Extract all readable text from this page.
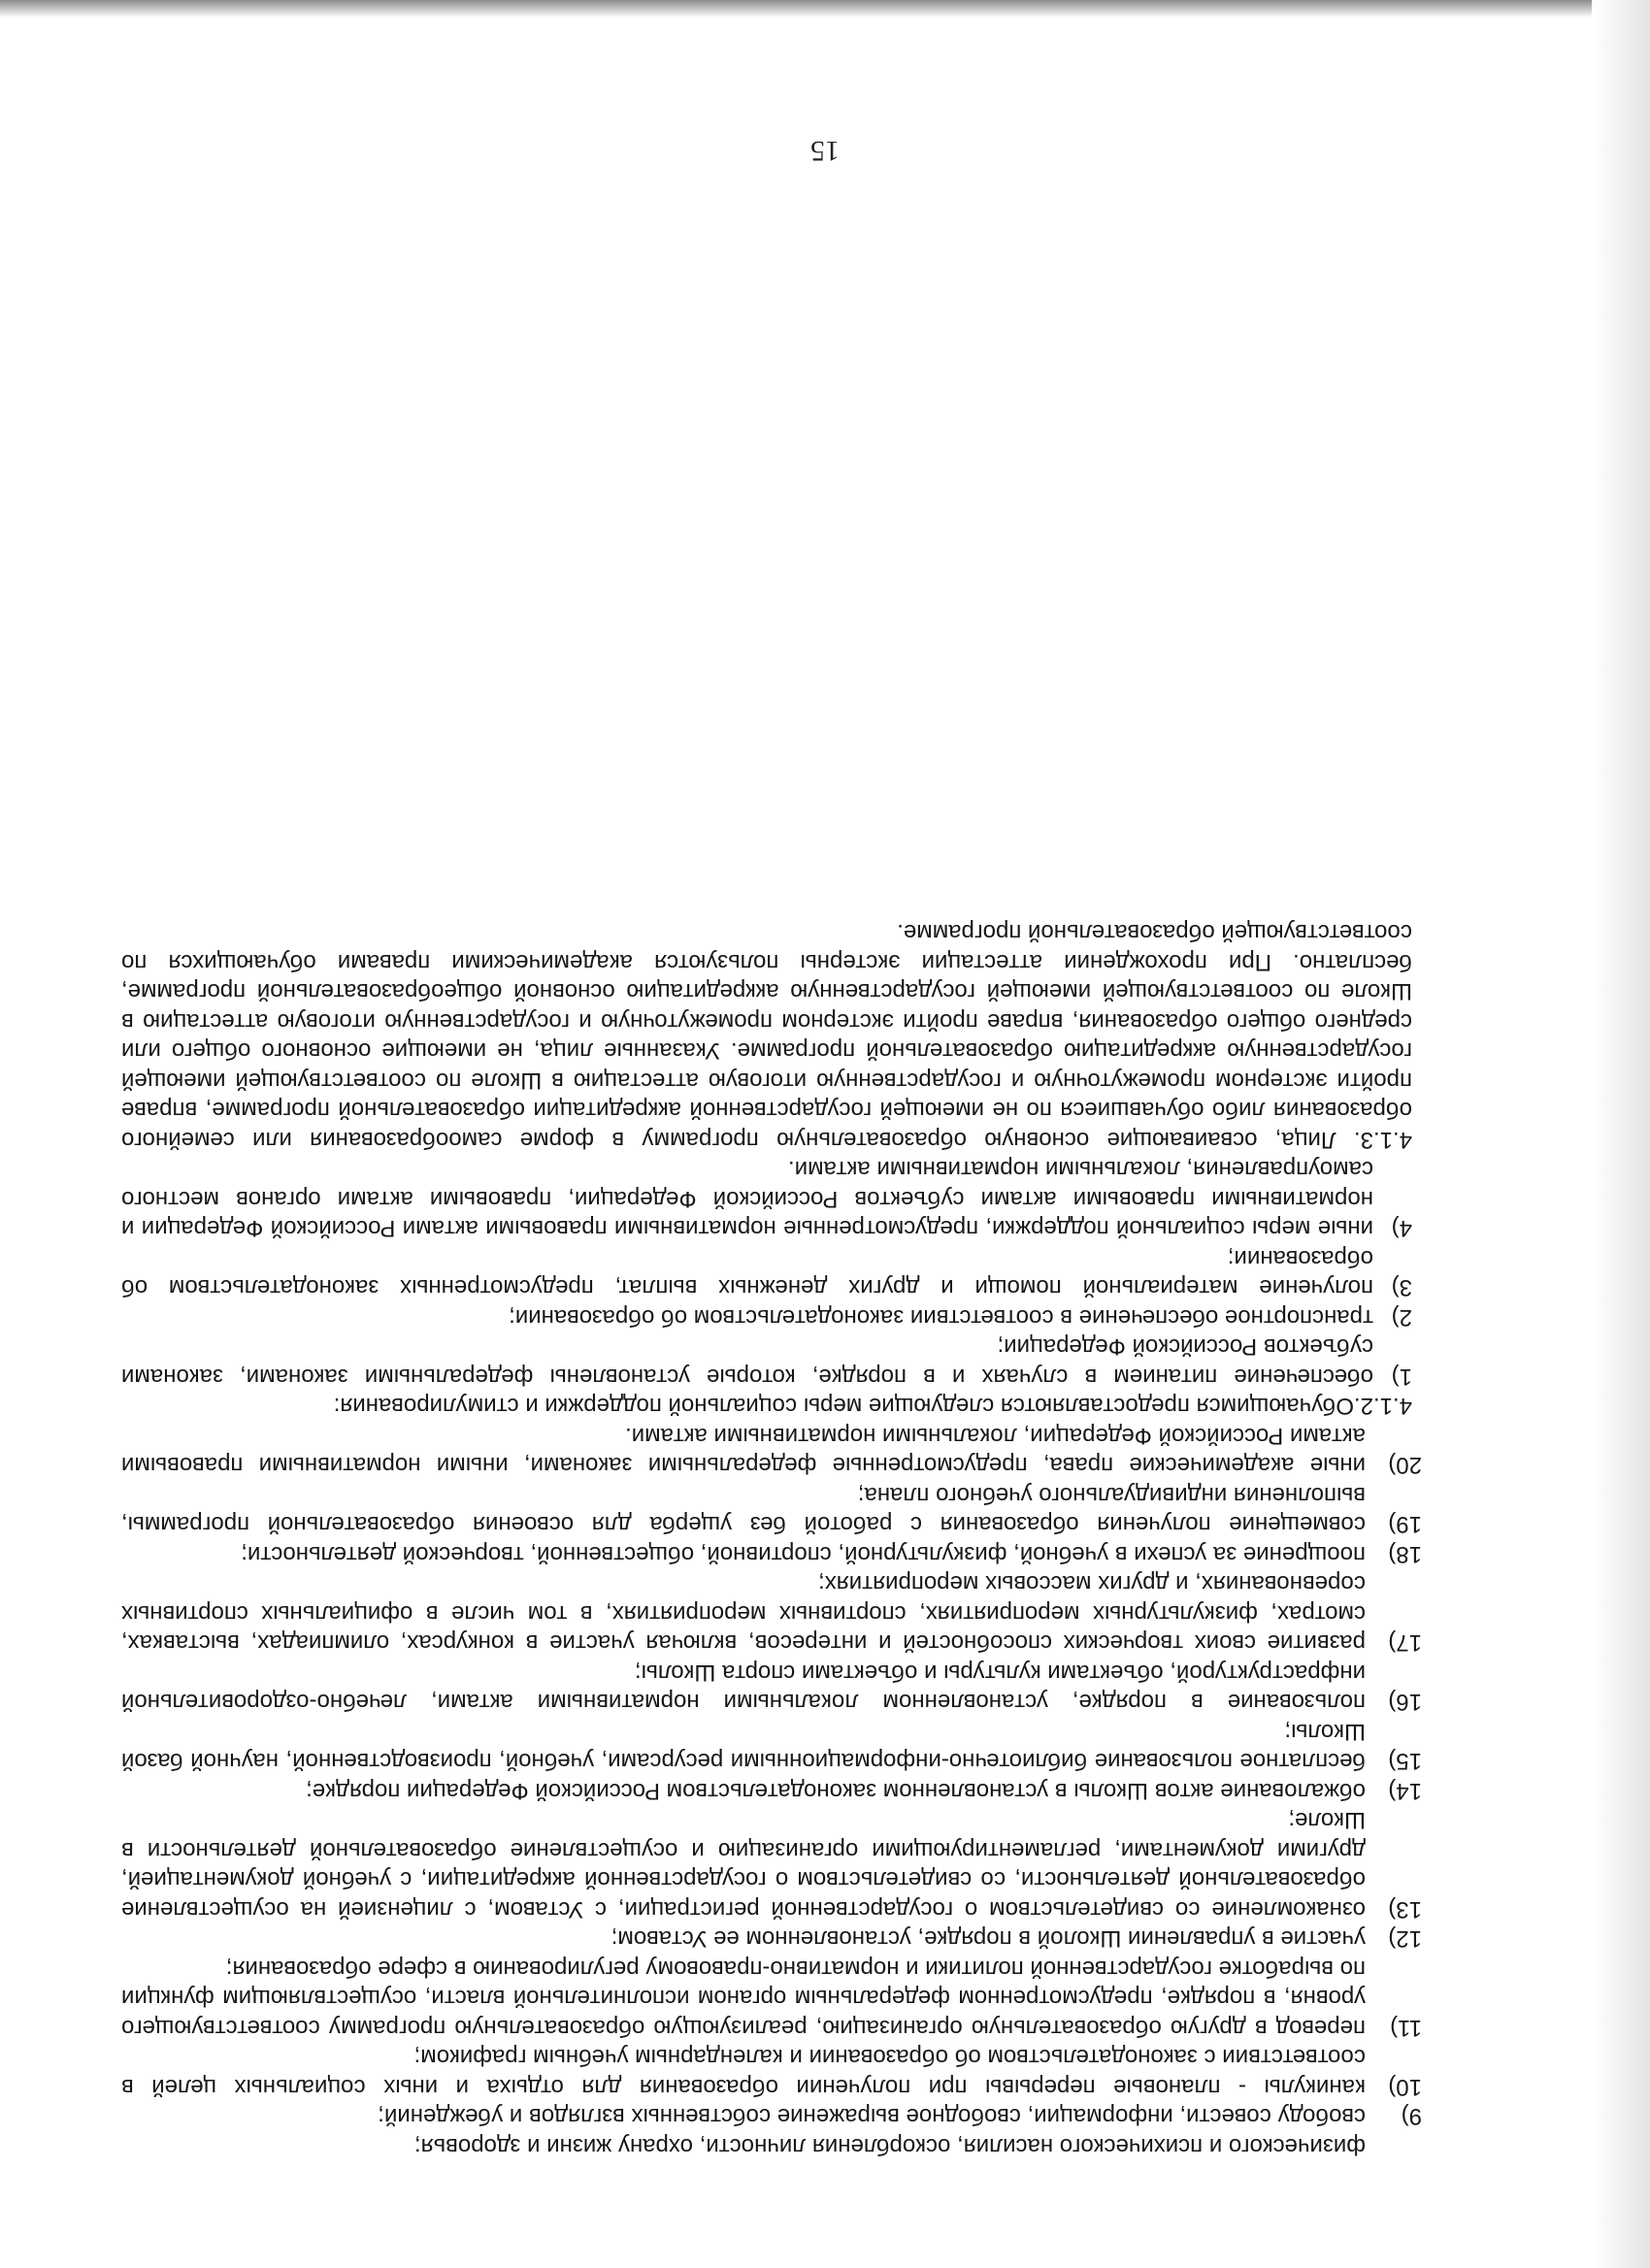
15
физического и психического насилия, оскорбления личности, охрану жизни и здоровья;
9)
свободу совести, информации, свободное выражение собственных взглядов и убеждений;
10)
каникулы - плановые перерывы при получении образования для отдыха и иных социальных целей в соответствии с законодательством об образовании и календарным учебным графиком;
11)
перевод в другую образовательную организацию, реализующую образовательную программу соответствующего уровня, в порядке, предусмотренном федеральным органом исполнительной власти, осуществляющим функции по выработке государственной политики и нормативно-правовому регулированию в сфере образования;
12)
участие в управлении Школой в порядке, установленном ее Уставом;
13)
ознакомление со свидетельством о государственной регистрации, с Уставом, с лицензией на осуществление образовательной деятельности, со свидетельством о государственной аккредитации, с учебной документацией, другими документами, регламентирующими организацию и осуществление образовательной деятельности в Школе;
14)
обжалование актов Школы в установленном законодательством Российской Федерации порядке;
15)
бесплатное пользование библиотечно-информационными ресурсами, учебной, производственной, научной базой Школы;
16)
пользование в порядке, установленном локальными нормативными актами, лечебно-оздоровительной инфраструктурой, объектами культуры и объектами спорта Школы;
17)
развитие своих творческих способностей и интересов, включая участие в конкурсах, олимпиадах, выставках, смотрах, физкультурных мероприятиях, спортивных мероприятиях, в том числе в официальных спортивных соревнованиях, и других массовых мероприятиях;
18)
поощрение за успехи в учебной, физкультурной, спортивной, общественной, творческой деятельности;
19)
совмещение получения образования с работой без ущерба для освоения образовательной программы, выполнения индивидуального учебного плана;
20)
иные академические права, предусмотренные федеральными законами, иными нормативными правовыми актами Российской Федерации, локальными нормативными актами.

4.1.2.Обучающимся предоставляются следующие меры социальной поддержки и стимулирования:

1)
обеспечение питанием в случаях и в порядке, которые установлены федеральными законами, законами субъектов Российской Федерации;
2)
транспортное обеспечение в соответствии законодательством об образовании;
3)
получение материальной помощи и других денежных выплат, предусмотренных законодательством об образовании;
4)
иные меры социальной поддержки, предусмотренные нормативными правовыми актами Российской Федерации и нормативными правовыми актами субъектов Российской Федерации, правовыми актами органов местного самоуправления, локальными нормативными актами.

4.1.3. Лица, осваивающие основную образовательную программу в форме самообразования или семейного образования либо обучавшиеся по не имеющей государственной аккредитации образовательной программе, вправе пройти экстерном промежуточную и государственную итоговую аттестацию в Школе по соответствующей имеющей государственную аккредитацию образовательной программе. Указанные лица, не имеющие основного общего или среднего общего образования, вправе пройти экстерном промежуточную и государственную итоговую аттестацию в Школе по соответствующей имеющей государственную аккредитацию основной общеобразовательной программе, бесплатно. При прохождении аттестации экстерны пользуются академическими правами обучающихся по соответствующей образовательной программе.
